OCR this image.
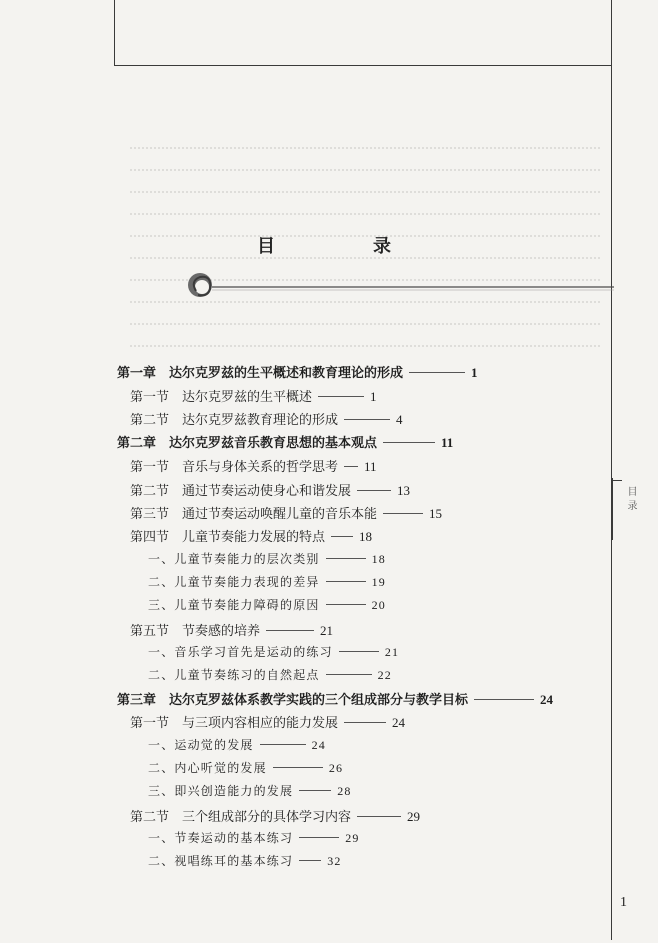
目　录
目录
第一章　达尔克罗兹的生平概述和教育理论的形成	1
第一节　达尔克罗兹的生平概述	1
第二节　达尔克罗兹教育理论的形成	4
第二章　达尔克罗兹音乐教育思想的基本观点	11
第一节　音乐与身体关系的哲学思考 11
第二节　通过节奏运动使身心和谐发展	13
第三节　通过节奏运动唤醒儿童的音乐本能	15
第四节　儿童节奏能力发展的特点	18
一、儿童节奏能力的层次类别	18
二、儿童节奏能力表现的差异	19
三、儿童节奏能力障碍的原因	20
第五节　节奏感的培养	21
一、音乐学习首先是运动的练习	21
二、儿童节奏练习的自然起点	22
第三章　达尔克罗兹体系教学实践的三个组成部分与教学目标	24
第一节　与三项内容相应的能力发展	24
一、运动觉的发展	24
二、内心听觉的发展	26
三、即兴创造能力的发展	28
第二节　三个组成部分的具体学习内容	29
一、节奏运动的基本练习	29
二、视唱练耳的基本练习	32
1
